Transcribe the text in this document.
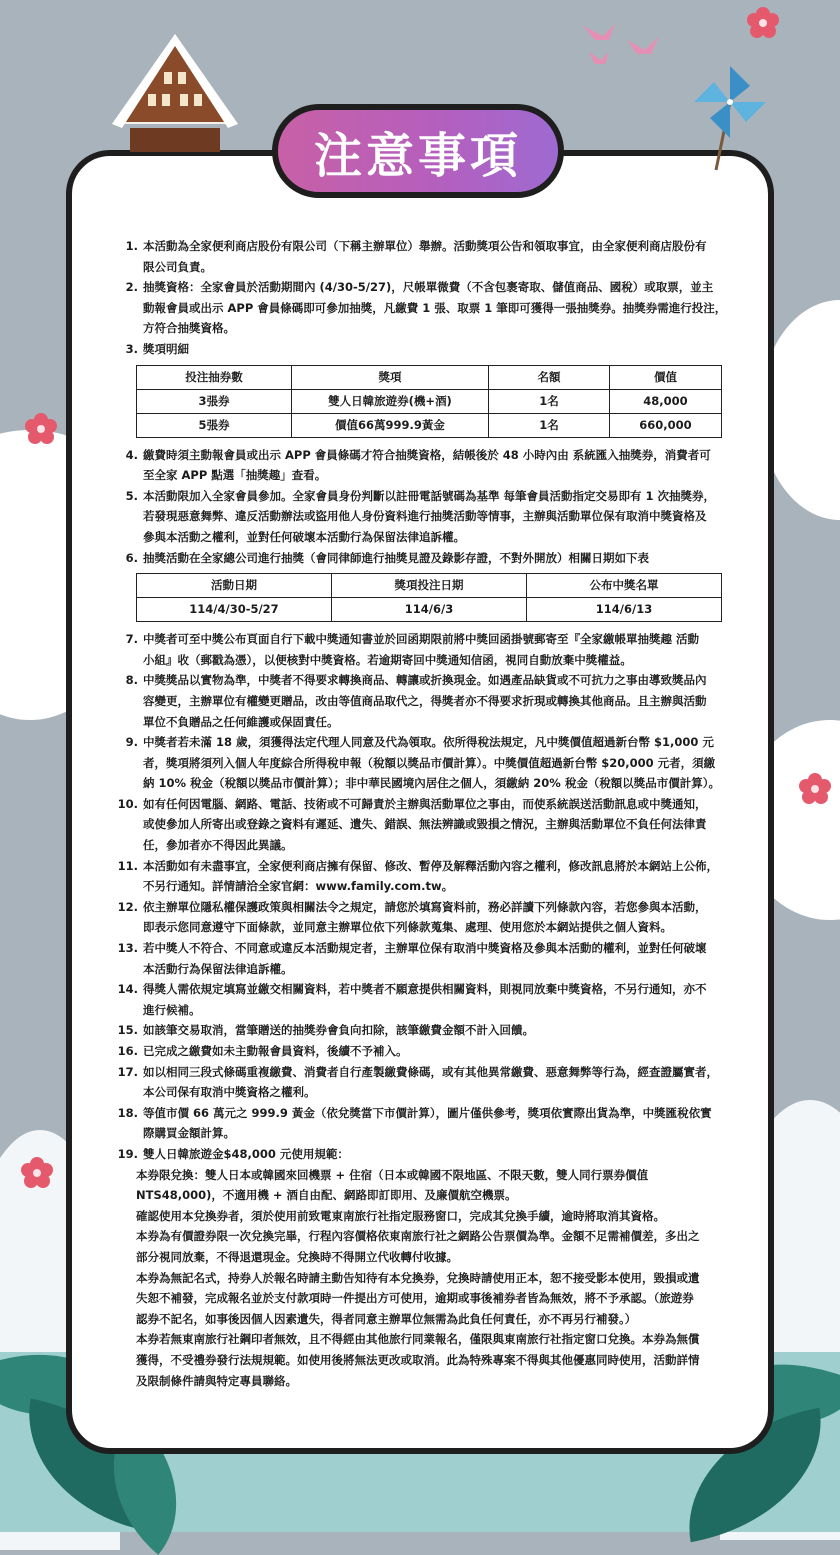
注意事項
1. 本活動為全家便利商店股份有限公司（下稱主辦單位）舉辦。活動獎項公告和領取事宜，由全家便利商店股份有
限公司負責。
2. 抽獎資格：全家會員於活動期間內 (4/30-5/27)，尺帳單微費（不含包裹寄取、儲值商品、國稅）或取票，並主
動報會員或出示 APP 會員條碼即可參加抽獎，凡繳費 1 張、取票 1 筆即可獲得一張抽獎券。抽獎券需進行投注，
方符合抽獎資格。
3. 獎項明細
投注抽券數	獎項	名額	價值
3張券	雙人日韓旅遊券(機+酒)	1名	48,000
5張券	價值66萬999.9黃金	1名	660,000
4. 繳費時須主動報會員或出示 APP 會員條碼才符合抽獎資格，結帳後於 48 小時內由 系統匯入抽獎券，消費者可
至全家 APP 點選「抽獎趣」查看。
5. 本活動限加入全家會員參加。全家會員身份判斷以註冊電話號碼為基準 每筆會員活動指定交易即有 1 次抽獎券，
若發現惡意舞弊、違反活動辦法或盜用他人身份資料進行抽獎活動等情事，主辦與活動單位保有取消中獎資格及
參與本活動之權利，並對任何破壞本活動行為保留法律追訴權。
6. 抽獎活動在全家總公司進行抽獎（會同律師進行抽獎見證及錄影存證，不對外開放）相關日期如下表
活動日期	獎項投注日期	公布中獎名單
114/4/30-5/27	114/6/3	114/6/13
7. 中獎者可至中獎公布頁面自行下載中獎通知書並於回函期限前將中獎回函掛號郵寄至『全家繳帳單抽獎趣 活動
小組』收（郵戳為憑），以便核對中獎資格。若逾期寄回中獎通知信函，視同自動放棄中獎權益。
8. 中獎獎品以實物為準，中獎者不得要求轉換商品、轉讓或折換現金。如遇產品缺貨或不可抗力之事由導致獎品內
容變更，主辦單位有權變更贈品，改由等值商品取代之，得獎者亦不得要求折現或轉換其他商品。且主辦與活動
單位不負贈品之任何維護或保固責任。
9. 中獎者若未滿 18 歲，須獲得法定代理人同意及代為領取。依所得稅法規定，凡中獎價值超過新台幣 $1,000 元
者，獎項將須列入個人年度綜合所得稅申報（稅額以獎品市價計算）。中獎價值超過新台幣 $20,000 元者，須繳
納 10% 稅金（稅額以獎品市價計算）；非中華民國境內居住之個人，須繳納 20% 稅金（稅額以獎品市價計算）。
10. 如有任何因電腦、網路、電話、技術或不可歸責於主辦與活動單位之事由，而使系統誤送活動訊息或中獎通知，
或使參加人所寄出或登錄之資料有遲延、遺失、錯誤、無法辨識或毀損之情況，主辦與活動單位不負任何法律責
任，參加者亦不得因此異議。
11. 本活動如有未盡事宜，全家便利商店擁有保留、修改、暫停及解釋活動內容之權利，修改訊息將於本網站上公佈，
不另行通知。詳情請洽全家官網：www.family.com.tw。
12. 依主辦單位隱私權保護政策與相關法令之規定，請您於填寫資料前，務必詳讀下列條款內容，若您參與本活動，
即表示您同意遵守下面條款，並同意主辦單位依下列條款蒐集、處理、使用您於本網站提供之個人資料。
13. 若中獎人不符合、不同意或違反本活動規定者，主辦單位保有取消中獎資格及參與本活動的權利，並對任何破壞
本活動行為保留法律追訴權。
14. 得獎人需依規定填寫並繳交相關資料，若中獎者不願意提供相關資料，則視同放棄中獎資格，不另行通知，亦不
進行候補。
15. 如該筆交易取消，當筆贈送的抽獎券會負向扣除，該筆繳費金額不計入回饋。
16. 已完成之繳費如未主動報會員資料，後續不予補入。
17. 如以相同三段式條碼重複繳費、消費者自行產製繳費條碼，或有其他異常繳費、惡意舞弊等行為，經查證屬實者，
本公司保有取消中獎資格之權利。
18. 等值市價 66 萬元之 999.9 黃金（依兌獎當下市價計算），圖片僅供參考，獎項依實際出貨為準，中獎匯稅依實
際購買金額計算。
19. 雙人日韓旅遊金$48,000 元使用規範：
本券限兌換：雙人日本或韓國來回機票 + 住宿（日本或韓國不限地區、不限天數，雙人同行票券價值
NTS48,000)，不適用機 + 酒自由配、網路即訂即用、及廉價航空機票。
確認使用本兌換券者，須於使用前致電東南旅行社指定服務窗口，完成其兌換手續，逾時將取消其資格。
本券為有價證券限一次兌換完畢，行程內容價格依東南旅行社之網路公告票價為準。金額不足需補價差，多出之
部分視同放棄，不得退還現金。兌換時不得開立代收轉付收據。
本券為無記名式，持券人於報名時請主動告知待有本兌換券，兌換時請使用正本，恕不接受影本使用，毀損或遺
失恕不補發，完成報名並於支付款項時一件提出方可使用，逾期或事後補券者皆為無效，將不予承認。（旅遊券
認券不記名，如事後因個人因素遺失，得者同意主辦單位無需為此負任何責任，亦不再另行補發。）
本券若無東南旅行社鋼印者無效，且不得經由其他旅行同業報名，僅限與東南旅行社指定窗口兌換。本券為無償
獲得，不受禮券發行法規規範。如使用後將無法更改或取消。此為特殊專案不得與其他優惠同時使用，活動詳情
及限制條件請與特定專員聯絡。
